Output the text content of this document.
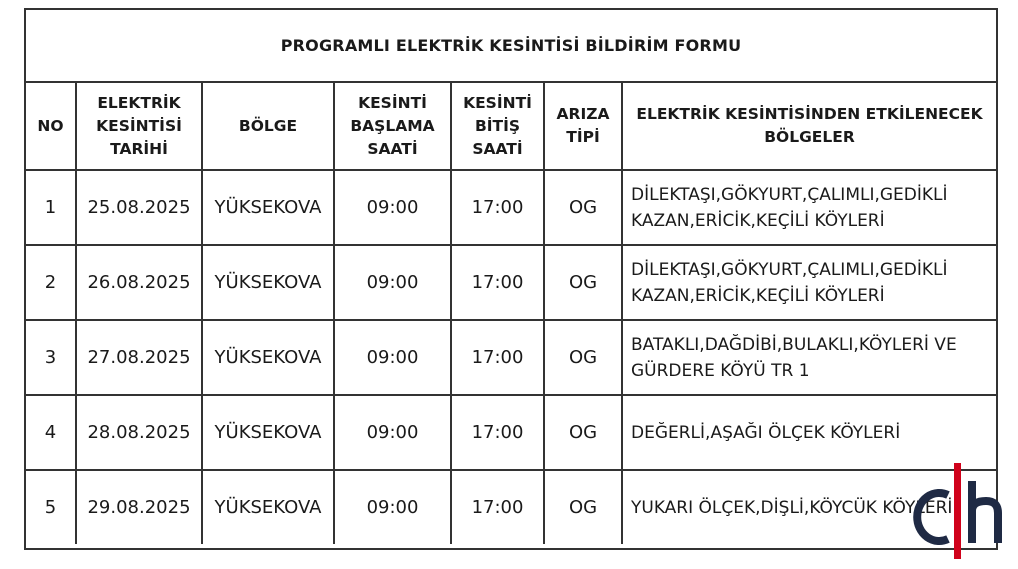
PROGRAMLI ELEKTRİK KESİNTİSİ BİLDİRİM FORMU
NO	ELEKTRİK KESİNTİSİ TARİHİ	BÖLGE	KESİNTİ BAŞLAMA SAATİ	KESİNTİ BİTİŞ SAATİ	ARIZA TİPİ	ELEKTRİK KESİNTİSİNDEN ETKİLENECEK BÖLGELER
1	25.08.2025	YÜKSEKOVA	09:00	17:00	OG	DİLEKTAŞI,GÖKYURT,ÇALIMLI,GEDİKLİ KAZAN,ERİCİK,KEÇİLİ KÖYLERİ
2	26.08.2025	YÜKSEKOVA	09:00	17:00	OG	DİLEKTAŞI,GÖKYURT,ÇALIMLI,GEDİKLİ KAZAN,ERİCİK,KEÇİLİ KÖYLERİ
3	27.08.2025	YÜKSEKOVA	09:00	17:00	OG	BATAKLI,DAĞDİBİ,BULAKLI,KÖYLERİ VE GÜRDERE KÖYÜ TR 1
4	28.08.2025	YÜKSEKOVA	09:00	17:00	OG	DEĞERLİ,AŞAĞI ÖLÇEK KÖYLERİ
5	29.08.2025	YÜKSEKOVA	09:00	17:00	OG	YUKARI ÖLÇEK,DİŞLİ,KÖYCÜK KÖYLERİ
